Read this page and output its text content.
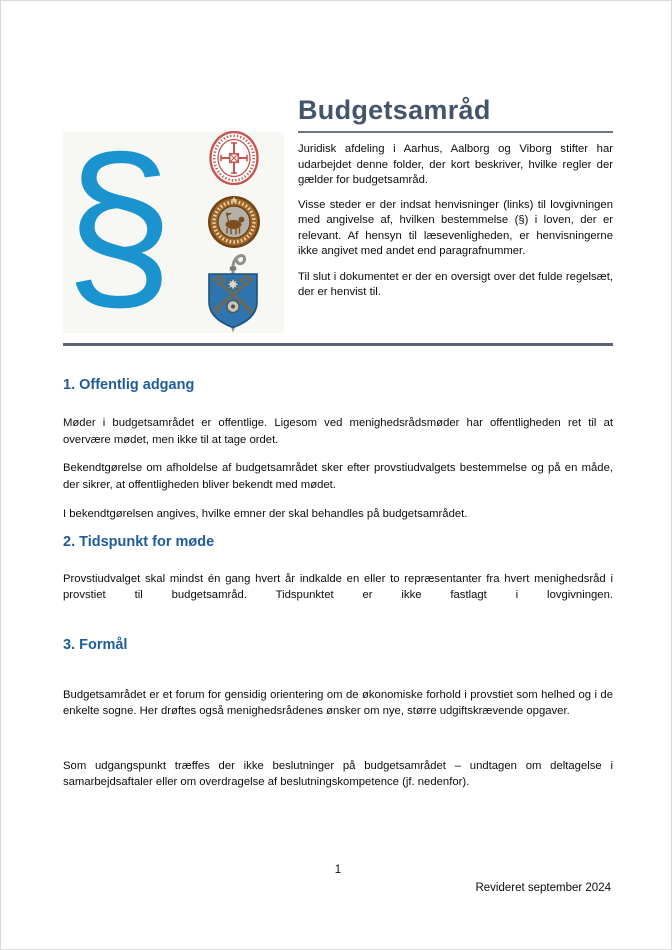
§
Budgetsamråd

Juridisk afdeling i Aarhus, Aalborg og Viborg stifter har udarbejdet denne folder, der kort beskriver, hvilke regler der gælder for budgetsamråd.

Visse steder er der indsat henvisninger (links) til lovgivningen med angivelse af, hvilken bestemmelse (§) i loven, der er relevant. Af hensyn til læsevenligheden, er henvisningerne ikke angivet med andet end paragrafnummer.

Til slut i dokumentet er der en oversigt over det fulde regelsæt, der er henvist til.

1. Offentlig adgang

Møder i budgetsamrådet er offentlige. Ligesom ved menighedsrådsmøder har offentligheden ret til at overvære mødet, men ikke til at tage ordet.

Bekendtgørelse om afholdelse af budgetsamrådet sker efter provstiudvalgets bestemmelse og på en måde, der sikrer, at offentligheden bliver bekendt med mødet.

I bekendtgørelsen angives, hvilke emner der skal behandles på budgetsamrådet.

2. Tidspunkt for møde

Provstiudvalget skal mindst én gang hvert år indkalde en eller to repræsentanter fra hvert menighedsråd i provstiet til budgetsamråd. Tidspunktet er ikke fastlagt i lovgivningen.

3. Formål

Budgetsamrådet er et forum for gensidig orientering om de økonomiske forhold i provstiet som helhed og i de enkelte sogne. Her drøftes også menighedsrådenes ønsker om nye, større udgiftskrævende opgaver.

Som udgangspunkt træffes der ikke beslutninger på budgetsamrådet – undtagen om deltagelse i samarbejdsaftaler eller om overdragelse af beslutningskompetence (jf. nedenfor).

1
Revideret september 2024
